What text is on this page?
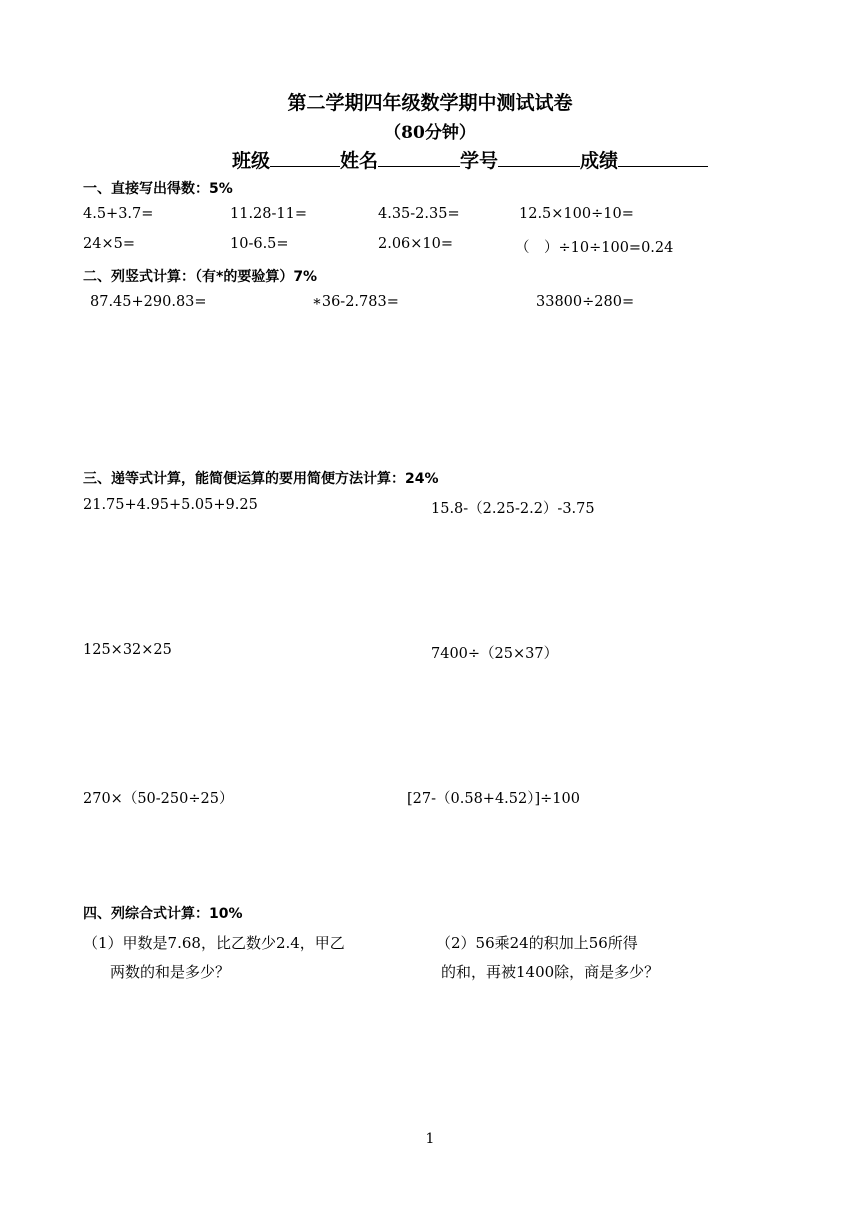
第二学期四年级数学期中测试试卷
（80分钟）
班级	姓名	学号	成绩
一、直接写出得数：5%
4.5+3.7=	11.28-11=	4.35-2.35=	12.5×100÷10=
24×5=	10-6.5=	2.06×10=	（　）÷10÷100=0.24
二、列竖式计算：（有*的要验算）7%
87.45+290.83=	∗36-2.783=	33800÷280=
三、递等式计算，能简便运算的要用简便方法计算：24%
21.75+4.95+5.05+9.25	15.8-（2.25-2.2）-3.75
125×32×25	7400÷（25×37）
270×（50-250÷25）	[27-（0.58+4.52）]÷100
四、列综合式计算：10%
（1）甲数是7.68，比乙数少2.4，甲乙
两数的和是多少？
（2）56乘24的积加上56所得
的和，再被1400除，商是多少？
1
